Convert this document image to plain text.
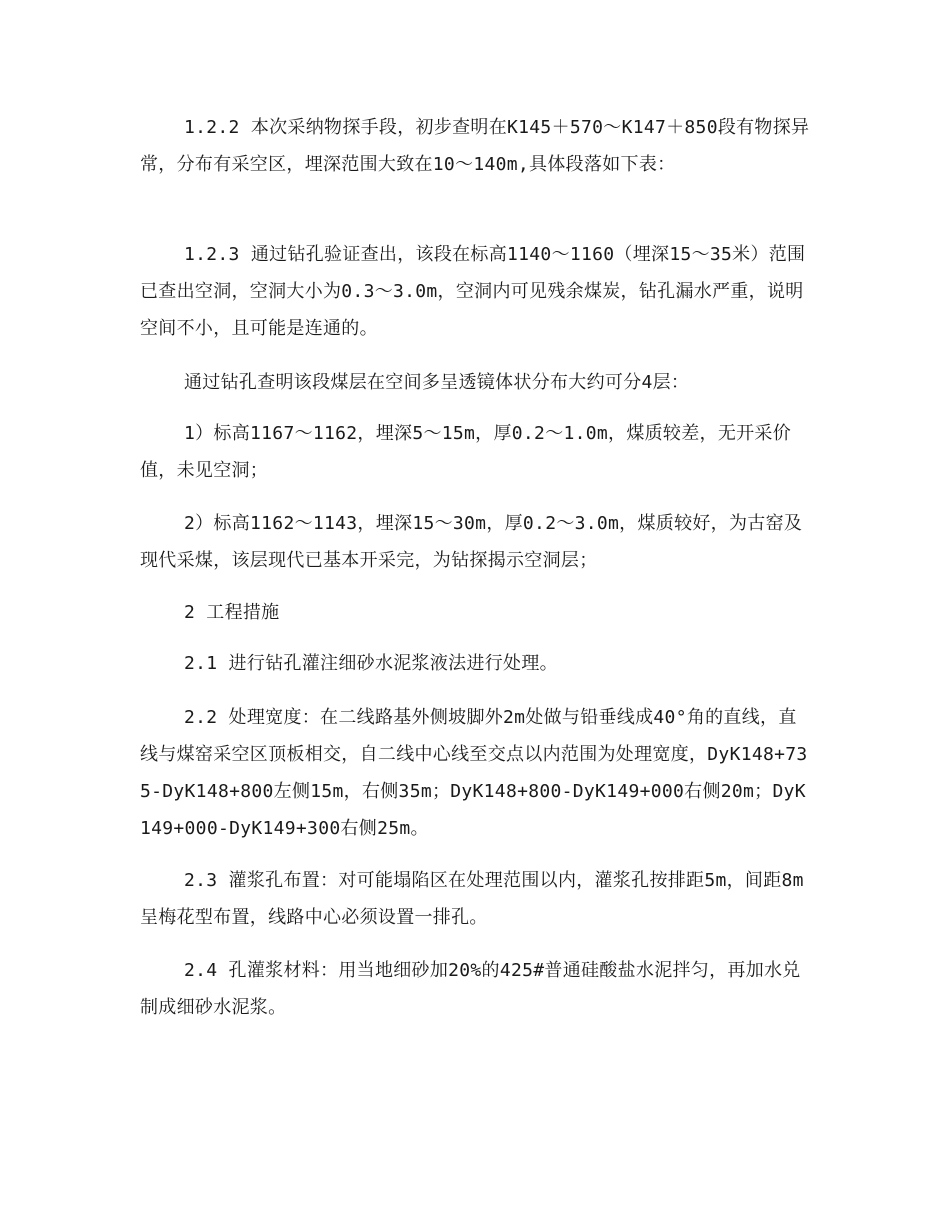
1.2.2 本次采纳物探手段，初步查明在K145＋570～K147＋850段有物探异常，分布有采空区，埋深范围大致在10～140m,具体段落如下表：

1.2.3 通过钻孔验证查出，该段在标高1140～1160（埋深15～35米）范围已查出空洞，空洞大小为0.3～3.0m，空洞内可见残余煤炭，钻孔漏水严重，说明空间不小，且可能是连通的。

通过钻孔查明该段煤层在空间多呈透镜体状分布大约可分4层：

1）标高1167～1162，埋深5～15m，厚0.2～1.0m，煤质较差，无开采价值，未见空洞；

2）标高1162～1143，埋深15～30m，厚0.2～3.0m，煤质较好，为古窑及现代采煤，该层现代已基本开采完，为钻探揭示空洞层；

2 工程措施

2.1 进行钻孔灌注细砂水泥浆液法进行处理。

2.2 处理宽度：在二线路基外侧坡脚外2m处做与铅垂线成40°角的直线，直线与煤窑采空区顶板相交，自二线中心线至交点以内范围为处理宽度，DyK148+735-DyK148+800左侧15m，右侧35m；DyK148+800-DyK149+000右侧20m；DyK149+000-DyK149+300右侧25m。

2.3 灌浆孔布置：对可能塌陷区在处理范围以内，灌浆孔按排距5m，间距8m呈梅花型布置，线路中心必须设置一排孔。

2.4 孔灌浆材料：用当地细砂加20%的425#普通硅酸盐水泥拌匀，再加水兑制成细砂水泥浆。
